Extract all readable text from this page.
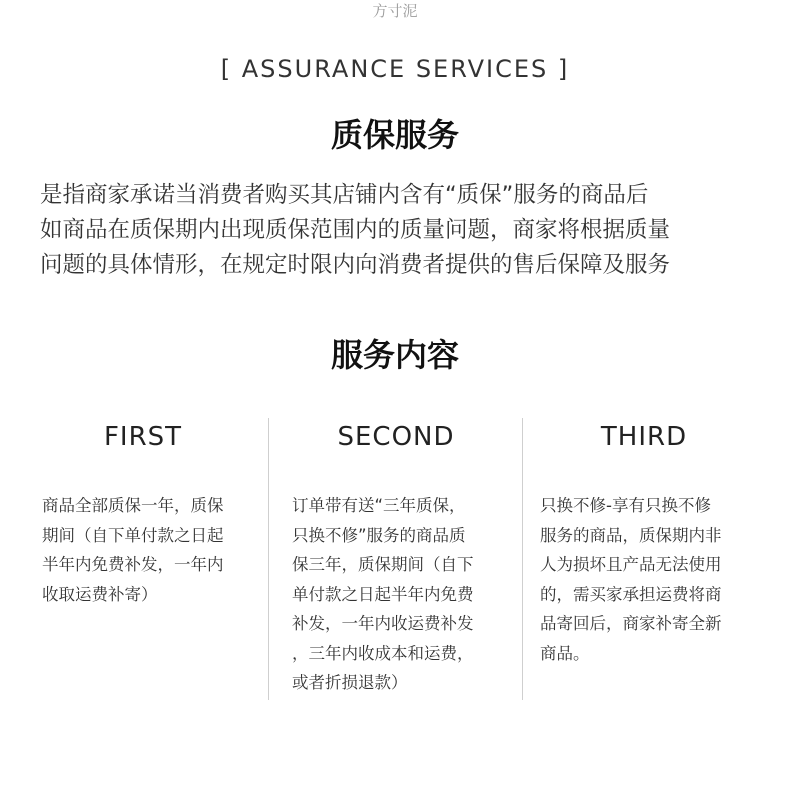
方寸泥
[ ASSURANCE SERVICES ]
质保服务
是指商家承诺当消费者购买其店铺内含有“质保”服务的商品后
如商品在质保期内出现质保范围内的质量问题，商家将根据质量
问题的具体情形，在规定时限内向消费者提供的售后保障及服务
服务内容
FIRST	SECOND	THIRD
商品全部质保一年，质保
期间（自下单付款之日起
半年内免费补发，一年内
收取运费补寄）
订单带有送“三年质保，
只换不修”服务的商品质
保三年，质保期间（自下
单付款之日起半年内免费
补发，一年内收运费补发
，三年内收成本和运费，
或者折损退款）
只换不修-享有只换不修
服务的商品，质保期内非
人为损坏且产品无法使用
的，需买家承担运费将商
品寄回后，商家补寄全新
商品。
